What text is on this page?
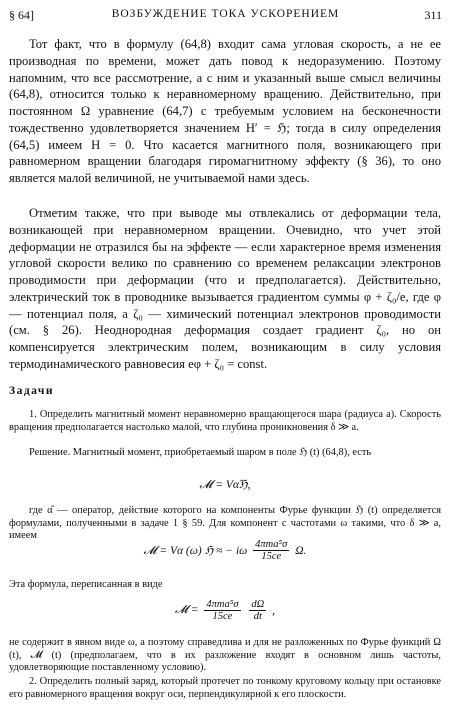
§ 64]	ВОЗБУЖДЕНИЕ ТОКА УСКОРЕНИЕМ	311

Тот факт, что в формулу (64,8) входит сама угловая скорость, а не ее производная по времени, может дать повод к недоразумению. Поэтому напомним, что все рассмотрение, а с ним и указанный выше смысл величины (64,8), относится только к неравномерному вращению. Действительно, при постоянном Ω уравнение (64,7) с требуемым условием на бесконечности тождественно удовлетворяется значением H′ = ℌ; тогда в силу определения (64,5) имеем H = 0. Что касается магнитного поля, возникающего при равномерном вращении благодаря гиромагнитному эффекту (§ 36), то оно является малой величиной, не учитываемой нами здесь.

Отметим также, что при выводе мы отвлекались от деформации тела, возникающей при неравномерном вращении. Очевидно, что учет этой деформации не отразился бы на эффекте — если характерное время изменения угловой скорости велико по сравнению со временем релаксации электронов проводимости при деформации (что и предполагается). Действительно, электрический ток в проводнике вызывается градиентом суммы φ + ζ₀/e, где φ — потенциал поля, а ζ₀ — химический потенциал электронов проводимости (см. § 26). Неоднородная деформация создает градиент ζ₀, но он компенсируется электрическим полем, возникающим в силу условия термодинамического равновесия eφ + ζ₀ = const.

Задачи

1. Определить магнитный момент неравномерно вращающегося шара (радиуса a). Скорость вращения предполагается настолько малой, что глубина проникновения δ ≫ a.

Решение. Магнитный момент, приобретаемый шаром в поле ℌ (t) (64,8), есть

𝓜 = Vα̂ℌ,

где α̂ — оператор, действие которого на компоненты Фурье функции ℌ (t) определяется формулами, полученными в задаче 1 § 59. Для компонент с частотами ω такими, что δ ≫ a, имеем

𝓜 = Vα (ω) ℌ ≈ − iω $\frac{\text{4πma⁵σ}}{15ce} \Omega$.

Эта формула, переписанная в виде

𝓜 = $\frac{\text{4πma⁵σ}}{15ce}$
$\frac{d\Omega}{dt}$ ,

не содержит в явном виде ω, а поэтому справедлива и для не разложенных по Фурье функций Ω (t), 𝓜 (t) (предполагаем, что в их разложение входят в основном лишь частоты, удовлетворяющие поставленному условию).

2. Определить полный заряд, который протечет по тонкому круговому кольцу при остановке его равномерного вращения вокруг оси, перпендикулярной к его плоскости.
